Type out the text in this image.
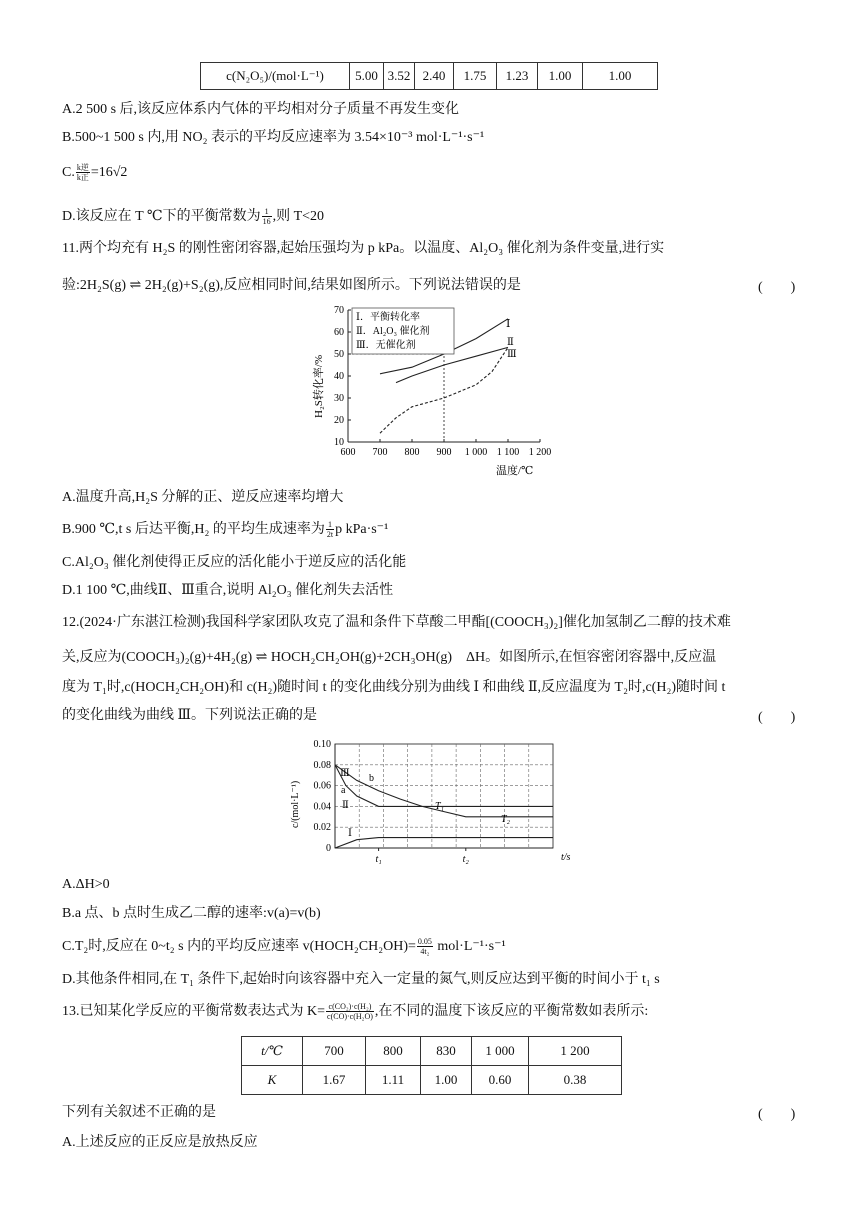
c(N₂O₅)/(mol·L⁻¹)	5.00	3.52	2.40	1.75	1.23	1.00	1.00
A.2 500 s 后,该反应体系内气体的平均相对分子质量不再发生变化
B.500~1 500 s 内,用 NO₂ 表示的平均反应速率为 3.54×10⁻³ mol·L⁻¹·s⁻¹
C. $\frac{\text{k逆}}{\text{k正}} =16√2$
D.该反应在 T ℃下的平衡常数为 $\frac{1}{16}$ ,则 T<20
11.两个均充有 H₂S 的刚性密闭容器,起始压强均为 p kPa。以温度、Al₂O₃ 催化剂为条件变量,进行实
验:2H₂S(g) ⇌ 2H₂(g)+S₂(g),反应相同时间,结果如图所示。下列说法错误的是	(　　)
600 700 800 900 1 000 1 100 1 200
10
20
30
40
50
60
70
Ⅰ．平衡转化率
Ⅱ．Al₂O₃ 催化剂
Ⅲ．无催化剂
Ⅰ
Ⅱ
Ⅲ
H₂S转化率/%
温度/℃
A.温度升高,H₂S 分解的正、逆反应速率均增大
B.900 ℃,t s 后达平衡,H₂ 的平均生成速率为 $\frac{1}{2t}$ p kPa·s⁻¹
C.Al₂O₃ 催化剂使得正反应的活化能小于逆反应的活化能
D.1 100 ℃,曲线Ⅱ、Ⅲ重合,说明 Al₂O₃ 催化剂失去活性
12.(2024·广东湛江检测)我国科学家团队攻克了温和条件下草酸二甲酯[(COOCH₃)₂]催化加氢制乙二醇的技术难
关,反应为(COOCH₃)₂(g)+4H₂(g) ⇌ HOCH₂CH₂OH(g)+2CH₃OH(g)　ΔH。如图所示,在恒容密闭容器中,反应温
度为 T₁时,c(HOCH₂CH₂OH)和 c(H₂)随时间 t 的变化曲线分别为曲线 Ⅰ 和曲线 Ⅱ,反应温度为 T₂时,c(H₂)随时间 t
的变化曲线为曲线 Ⅲ。下列说法正确的是	(　　)
0.10
0.08
0.06
0.04
0.02
0
t₁	t₂
Ⅲ
Ⅱ
Ⅰ
a
b
T₁
T₂
c/(mol·L⁻¹)
t/s
A.ΔH>0
B.a 点、b 点时生成乙二醇的速率:v(a)=v(b)
C.T₂时,反应在 0~t₂ s 内的平均反应速率 v(HOCH₂CH₂OH)= $\frac{0.05}{\text{4t₂}} mol\cdot L^{-1}\cdot s^{-1}$
D.其他条件相同,在 T₁ 条件下,起始时向该容器中充入一定量的氮气,则反应达到平衡的时间小于 t₁ s
13.已知某化学反应的平衡常数表达式为 $K= \frac{\text{c(CO₂)·c(H₂)}}{\text{c(CO)·c(H₂O)}}$ ,在不同的温度下该反应的平衡常数如表所示:
t/℃	700	800	830	1 000	1 200
K	1.67	1.11	1.00	0.60	0.38
下列有关叙述不正确的是	(　　)
A.上述反应的正反应是放热反应
